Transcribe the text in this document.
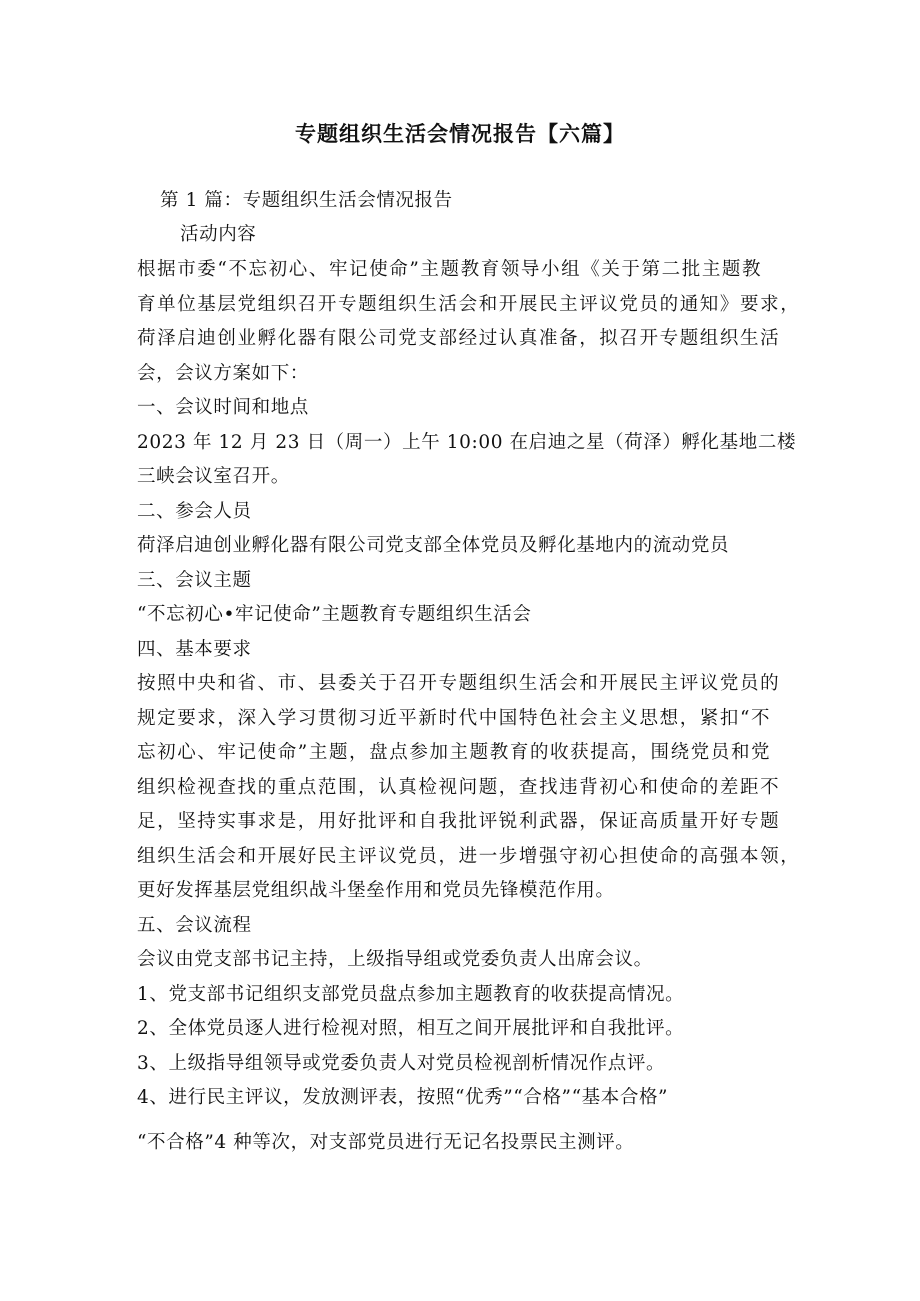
专题组织生活会情况报告【六篇】
第 1 篇：专题组织生活会情况报告
活动内容
根据市委“不忘初心、牢记使命”主题教育领导小组《关于第二批主题教
育单位基层党组织召开专题组织生活会和开展民主评议党员的通知》要求，
荷泽启迪创业孵化器有限公司党支部经过认真准备，拟召开专题组织生活
会，会议方案如下：
一、会议时间和地点
2023 年 12 月 23 日（周一）上午 10:00 在启迪之星（荷泽）孵化基地二楼
三峡会议室召开。
二、参会人员
荷泽启迪创业孵化器有限公司党支部全体党员及孵化基地内的流动党员
三、会议主题
“不忘初心•牢记使命”主题教育专题组织生活会
四、基本要求
按照中央和省、市、县委关于召开专题组织生活会和开展民主评议党员的
规定要求，深入学习贯彻习近平新时代中国特色社会主义思想，紧扣“不
忘初心、牢记使命”主题，盘点参加主题教育的收获提高，围绕党员和党
组织检视查找的重点范围，认真检视问题，查找违背初心和使命的差距不
足，坚持实事求是，用好批评和自我批评锐利武器，保证高质量开好专题
组织生活会和开展好民主评议党员，进一步增强守初心担使命的高强本领，
更好发挥基层党组织战斗堡垒作用和党员先锋模范作用。
五、会议流程
会议由党支部书记主持，上级指导组或党委负责人出席会议。
1、党支部书记组织支部党员盘点参加主题教育的收获提高情况。
2、全体党员逐人进行检视对照，相互之间开展批评和自我批评。
3、上级指导组领导或党委负责人对党员检视剖析情况作点评。
4、进行民主评议，发放测评表，按照“优秀”“合格”“基本合格”
“不合格”4 种等次，对支部党员进行无记名投票民主测评。
